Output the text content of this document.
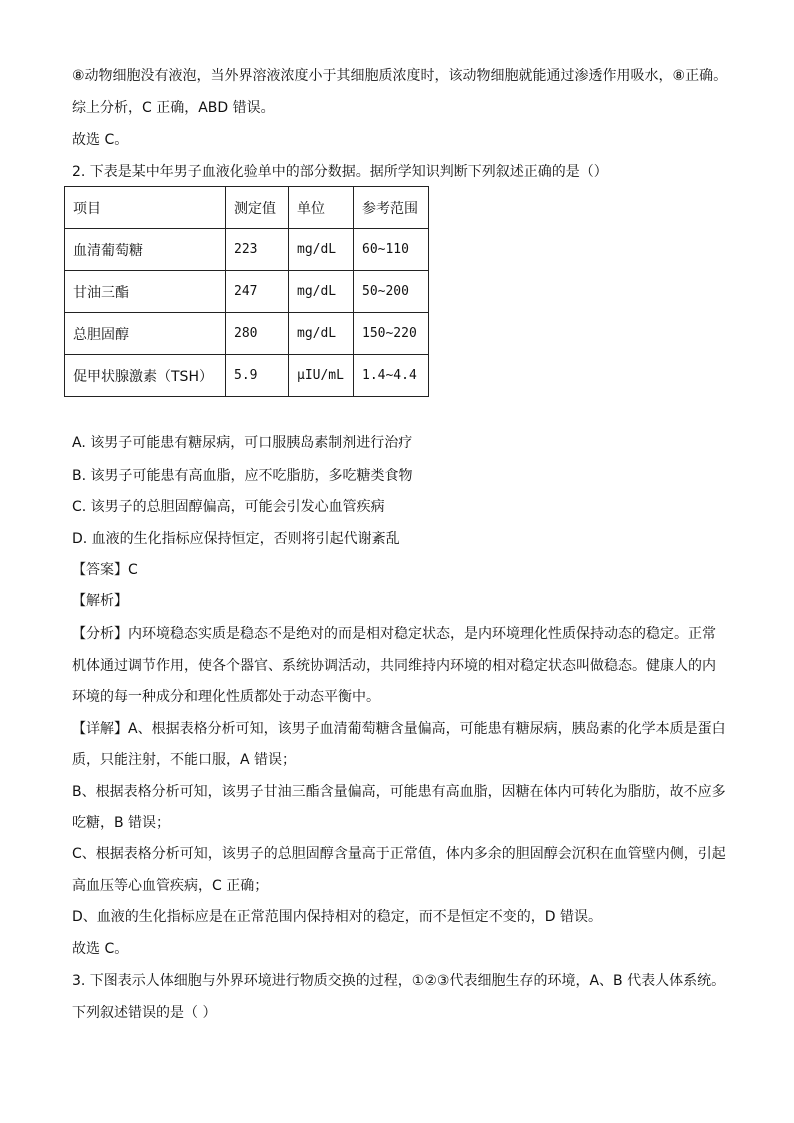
⑧动物细胞没有液泡，当外界溶液浓度小于其细胞质浓度时，该动物细胞就能通过渗透作用吸水，⑧正确。
综上分析，C 正确，ABD 错误。
故选 C。
2. 下表是某中年男子血液化验单中的部分数据。据所学知识判断下列叙述正确的是（）
项目	测定值	单位	参考范围
血清葡萄糖	223	mg/dL	60~110
甘油三酯	247	mg/dL	50~200
总胆固醇	280	mg/dL	150~220
促甲状腺激素（TSH）	5.9	μIU/mL	1.4~4.4
A. 该男子可能患有糖尿病，可口服胰岛素制剂进行治疗
B. 该男子可能患有高血脂，应不吃脂肪，多吃糖类食物
C. 该男子的总胆固醇偏高，可能会引发心血管疾病
D. 血液的生化指标应保持恒定，否则将引起代谢紊乱
【答案】C
【解析】
【分析】内环境稳态实质是稳态不是绝对的而是相对稳定状态，是内环境理化性质保持动态的稳定。正常
机体通过调节作用，使各个器官、系统协调活动，共同维持内环境的相对稳定状态叫做稳态。健康人的内
环境的每一种成分和理化性质都处于动态平衡中。
【详解】A、根据表格分析可知，该男子血清葡萄糖含量偏高，可能患有糖尿病，胰岛素的化学本质是蛋白
质，只能注射，不能口服，A 错误；
B、根据表格分析可知，该男子甘油三酯含量偏高，可能患有高血脂，因糖在体内可转化为脂肪，故不应多
吃糖，B 错误；
C、根据表格分析可知，该男子的总胆固醇含量高于正常值，体内多余的胆固醇会沉积在血管壁内侧，引起
高血压等心血管疾病，C 正确；
D、血液的生化指标应是在正常范围内保持相对的稳定，而不是恒定不变的，D 错误。
故选 C。
3. 下图表示人体细胞与外界环境进行物质交换的过程，①②③代表细胞生存的环境，A、B 代表人体系统。
下列叙述错误的是（ ）
